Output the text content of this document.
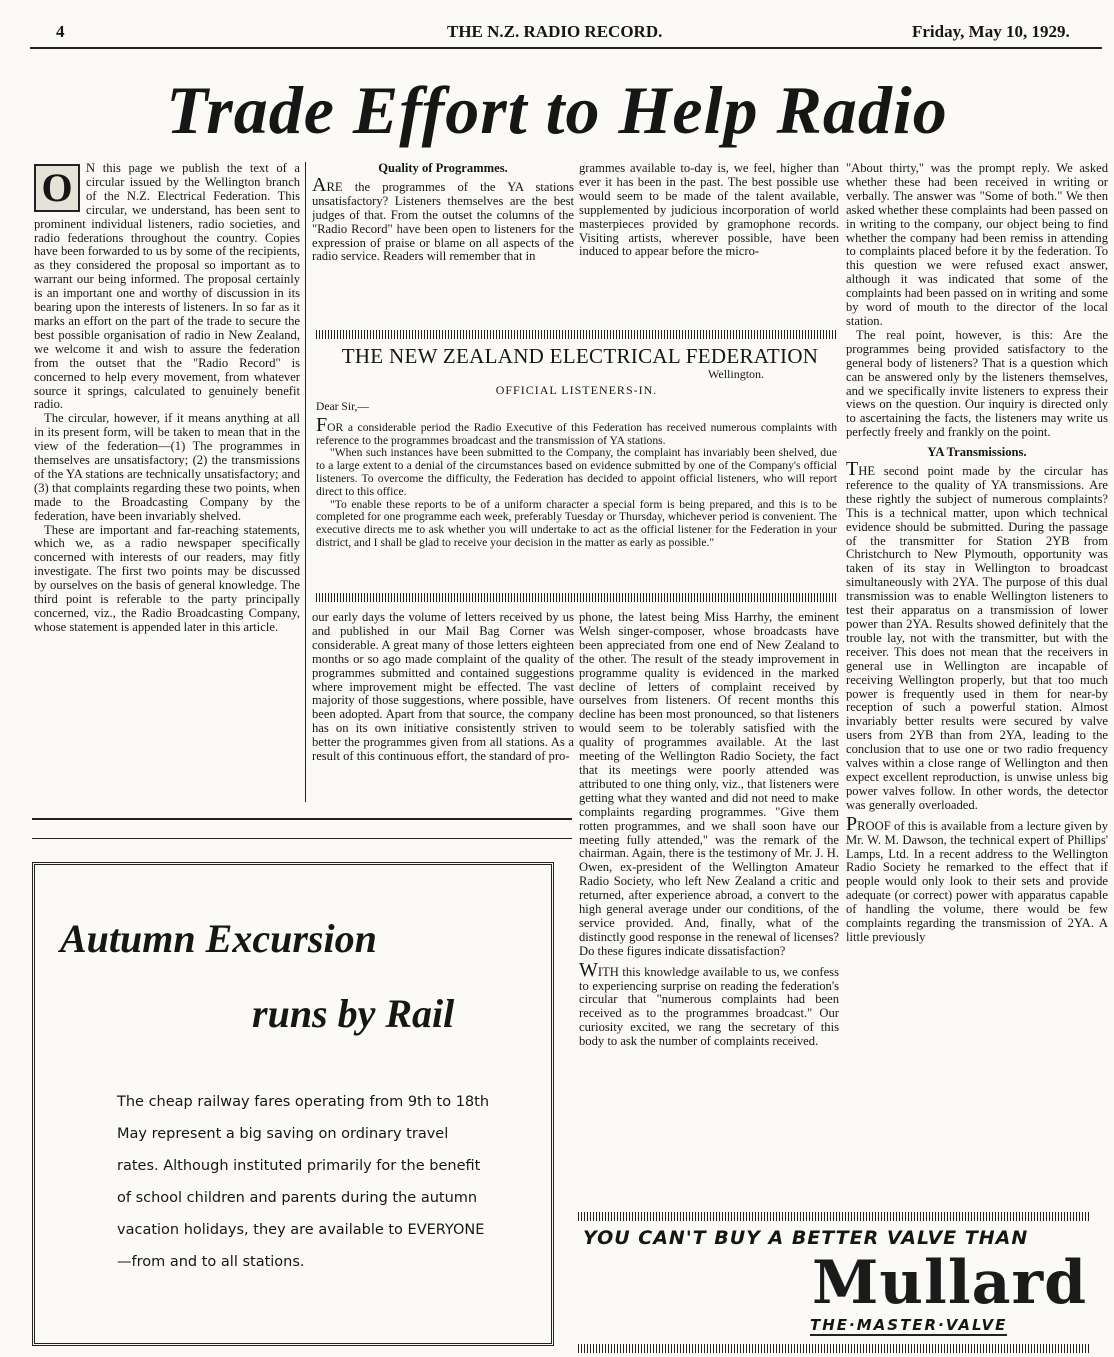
4	THE N.Z. RADIO RECORD.	Friday, May 10, 1929.
Trade Effort to Help Radio
O	N this page we publish the text of a circular issued by the Wellington branch of the N.Z. Electrical Federation. This circular, we understand, has been sent to prominent individual listeners, radio societies, and radio federations throughout the country. Copies have been forwarded to us by some of the recipients, as they considered the proposal so important as to warrant our being informed. The proposal certainly is an important one and worthy of discussion in its bearing upon the interests of listeners. In so far as it marks an effort on the part of the trade to secure the best possible organisation of radio in New Zealand, we welcome it and wish to assure the federation from the outset that the "Radio Record" is concerned to help every movement, from whatever source it springs, calculated to genuinely benefit radio.

The circular, however, if it means anything at all in its present form, will be taken to mean that in the view of the federation—(1) The programmes in themselves are unsatisfactory; (2) the transmissions of the YA stations are technically unsatisfactory; and (3) that complaints regarding these two points, when made to the Broadcasting Company by the federation, have been invariably shelved.

These are important and far-reaching statements, which we, as a radio newspaper specifically concerned with interests of our readers, may fitly investigate. The first two points may be discussed by ourselves on the basis of general knowledge. The third point is referable to the party principally concerned, viz., the Radio Broadcasting Company, whose statement is appended later in this article.

Quality of Programmes.

ARE the programmes of the YA stations unsatisfactory? Listeners themselves are the best judges of that. From the outset the columns of the "Radio Record" have been open to listeners for the expression of praise or blame on all aspects of the radio service. Readers will remember that in

grammes available to-day is, we feel, higher than ever it has been in the past. The best possible use would seem to be made of the talent available, supplemented by judicious incorporation of world masterpieces provided by gramophone records. Visiting artists, wherever possible, have been induced to appear before the micro-

THE NEW ZEALAND ELECTRICAL FEDERATION
Wellington.
OFFICIAL LISTENERS-IN.
Dear Sir,—

FOR a considerable period the Radio Executive of this Federation has received numerous complaints with reference to the programmes broadcast and the transmission of YA stations.

"When such instances have been submitted to the Company, the complaint has invariably been shelved, due to a large extent to a denial of the circumstances based on evidence submitted by one of the Company's official listeners. To overcome the difficulty, the Federation has decided to appoint official listeners, who will report direct to this office.

"To enable these reports to be of a uniform character a special form is being prepared, and this is to be completed for one programme each week, preferably Tuesday or Thursday, whichever period is convenient. The executive directs me to ask whether you will undertake to act as the official listener for the Federation in your district, and I shall be glad to receive your decision in the matter as early as possible."

our early days the volume of letters received by us and published in our Mail Bag Corner was considerable. A great many of those letters eighteen months or so ago made complaint of the quality of programmes submitted and contained suggestions where improvement might be effected. The vast majority of those suggestions, where possible, have been adopted. Apart from that source, the company has on its own initiative consistently striven to better the programmes given from all stations. As a result of this continuous effort, the standard of pro-

phone, the latest being Miss Harrhy, the eminent Welsh singer-composer, whose broadcasts have been appreciated from one end of New Zealand to the other. The result of the steady improvement in programme quality is evidenced in the marked decline of letters of complaint received by ourselves from listeners. Of recent months this decline has been most pronounced, so that listeners would seem to be tolerably satisfied with the quality of programmes available. At the last meeting of the Wellington Radio Society, the fact that its meetings were poorly attended was attributed to one thing only, viz., that listeners were getting what they wanted and did not need to make complaints regarding programmes. "Give them rotten programmes, and we shall soon have our meeting fully attended," was the remark of the chairman. Again, there is the testimony of Mr. J. H. Owen, ex-president of the Wellington Amateur Radio Society, who left New Zealand a critic and returned, after experience abroad, a convert to the high general average under our conditions, of the service provided. And, finally, what of the distinctly good response in the renewal of licenses? Do these figures indicate dissatisfaction?

WITH this knowledge available to us, we confess to experiencing surprise on reading the federation's circular that "numerous complaints had been received as to the programmes broadcast." Our curiosity excited, we rang the secretary of this body to ask the number of complaints received.

"About thirty," was the prompt reply. We asked whether these had been received in writing or verbally. The answer was "Some of both." We then asked whether these complaints had been passed on in writing to the company, our object being to find whether the company had been remiss in attending to complaints placed before it by the federation. To this question we were refused exact answer, although it was indicated that some of the complaints had been passed on in writing and some by word of mouth to the director of the local station.

The real point, however, is this: Are the programmes being provided satisfactory to the general body of listeners? That is a question which can be answered only by the listeners themselves, and we specifically invite listeners to express their views on the question. Our inquiry is directed only to ascertaining the facts, the listeners may write us perfectly freely and frankly on the point.

YA Transmissions.

THE second point made by the circular has reference to the quality of YA transmissions. Are these rightly the subject of numerous complaints? This is a technical matter, upon which technical evidence should be submitted. During the passage of the transmitter for Station 2YB from Christchurch to New Plymouth, opportunity was taken of its stay in Wellington to broadcast simultaneously with 2YA. The purpose of this dual transmission was to enable Wellington listeners to test their apparatus on a transmission of lower power than 2YA. Results showed definitely that the trouble lay, not with the transmitter, but with the receiver. This does not mean that the receivers in general use in Wellington are incapable of receiving Wellington properly, but that too much power is frequently used in them for near-by reception of such a powerful station. Almost invariably better results were secured by valve users from 2YB than from 2YA, leading to the conclusion that to use one or two radio frequency valves within a close range of Wellington and then expect excellent reproduction, is unwise unless big power valves follow. In other words, the detector was generally overloaded.

PROOF of this is available from a lecture given by Mr. W. M. Dawson, the technical expert of Phillips' Lamps, Ltd. In a recent address to the Wellington Radio Society he remarked to the effect that if people would only look to their sets and provide adequate (or correct) power with apparatus capable of handling the volume, there would be few complaints regarding the transmission of 2YA. A little previously

Autumn Excursion
runs by Rail
The cheap railway fares operating from 9th to 18th May represent a big saving on ordinary travel rates. Although instituted primarily for the benefit of school children and parents during the autumn vacation holidays, they are available to EVERYONE—from and to all stations.
YOU CAN'T BUY A BETTER VALVE THAN
Mullard
THE·MASTER·VALVE
